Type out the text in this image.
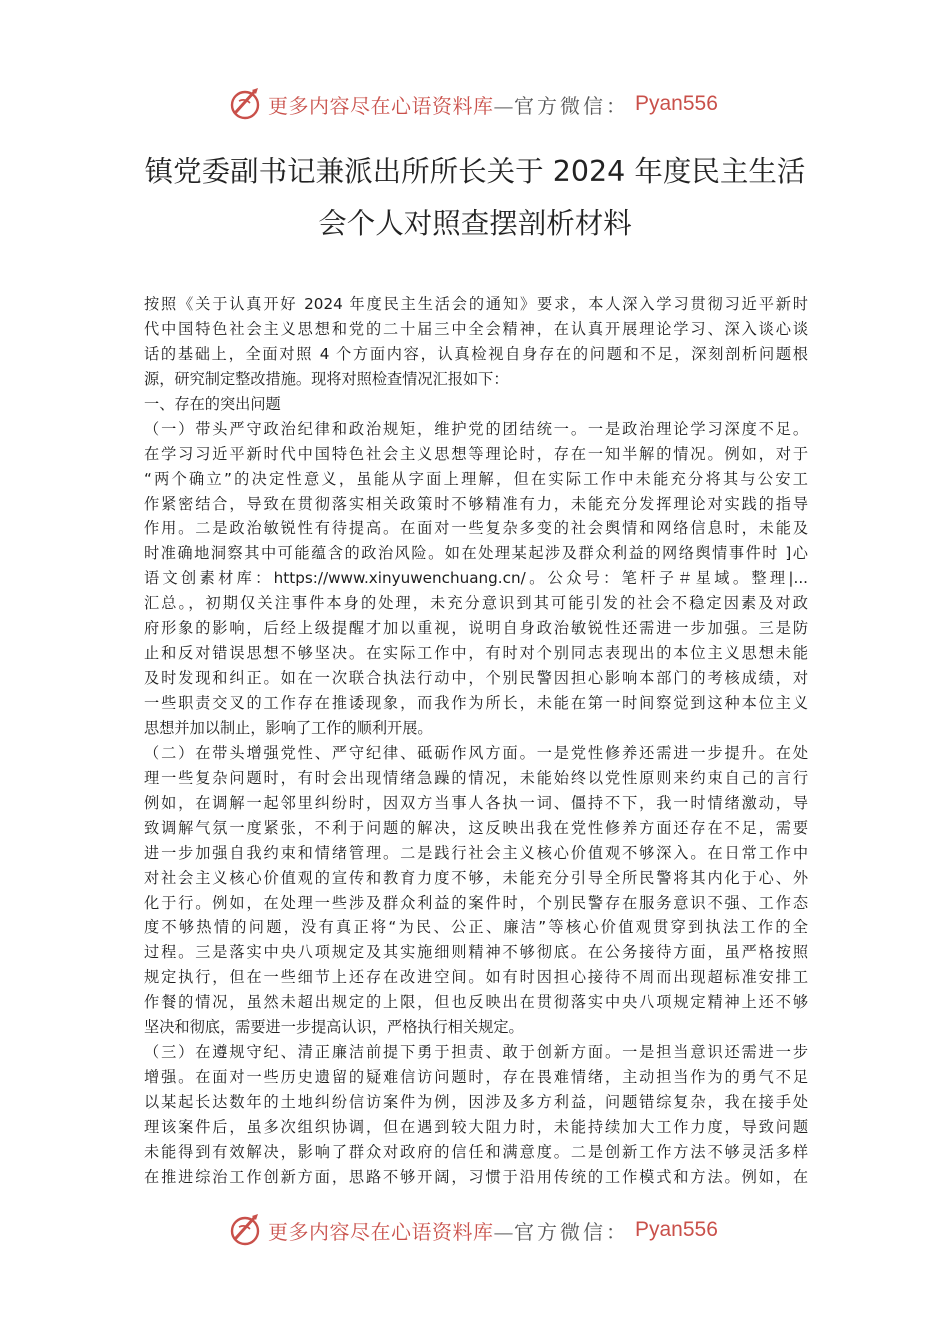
更多内容尽在心语资料库—官方微信： Pyan556
镇党委副书记兼派出所所长关于 2024 年度民主生活
会个人对照查摆剖析材料
按照《关于认真开好 2024 年度民主生活会的通知》要求，本人深入学习贯彻习近平新时
代中国特色社会主义思想和党的二十届三中全会精神，在认真开展理论学习、深入谈心谈
话的基础上，全面对照 4 个方面内容，认真检视自身存在的问题和不足，深刻剖析问题根
源，研究制定整改措施。现将对照检查情况汇报如下：
一、存在的突出问题
（一）带头严守政治纪律和政治规矩，维护党的团结统一。一是政治理论学习深度不足。
在学习习近平新时代中国特色社会主义思想等理论时，存在一知半解的情况。例如，对于
“两个确立”的决定性意义，虽能从字面上理解，但在实际工作中未能充分将其与公安工
作紧密结合，导致在贯彻落实相关政策时不够精准有力，未能充分发挥理论对实践的指导
作用。二是政治敏锐性有待提高。在面对一些复杂多变的社会舆情和网络信息时，未能及
时准确地洞察其中可能蕴含的政治风险。如在处理某起涉及群众利益的网络舆情事件时 ]心
语文创素材库：https://www.xinyuwenchuang.cn/。公众号：笔杆子＃星域。整理|...
汇总。，初期仅关注事件本身的处理，未充分意识到其可能引发的社会不稳定因素及对政
府形象的影响，后经上级提醒才加以重视，说明自身政治敏锐性还需进一步加强。三是防
止和反对错误思想不够坚决。在实际工作中，有时对个别同志表现出的本位主义思想未能
及时发现和纠正。如在一次联合执法行动中，个别民警因担心影响本部门的考核成绩，对
一些职责交叉的工作存在推诿现象，而我作为所长，未能在第一时间察觉到这种本位主义
思想并加以制止，影响了工作的顺利开展。
（二）在带头增强党性、严守纪律、砥砺作风方面。一是党性修养还需进一步提升。在处
理一些复杂问题时，有时会出现情绪急躁的情况，未能始终以党性原则来约束自己的言行
例如，在调解一起邻里纠纷时，因双方当事人各执一词、僵持不下，我一时情绪激动，导
致调解气氛一度紧张，不利于问题的解决，这反映出我在党性修养方面还存在不足，需要
进一步加强自我约束和情绪管理。二是践行社会主义核心价值观不够深入。在日常工作中
对社会主义核心价值观的宣传和教育力度不够，未能充分引导全所民警将其内化于心、外
化于行。例如，在处理一些涉及群众利益的案件时，个别民警存在服务意识不强、工作态
度不够热情的问题，没有真正将“为民、公正、廉洁”等核心价值观贯穿到执法工作的全
过程。三是落实中央八项规定及其实施细则精神不够彻底。在公务接待方面，虽严格按照
规定执行，但在一些细节上还存在改进空间。如有时因担心接待不周而出现超标准安排工
作餐的情况，虽然未超出规定的上限，但也反映出在贯彻落实中央八项规定精神上还不够
坚决和彻底，需要进一步提高认识，严格执行相关规定。
（三）在遵规守纪、清正廉洁前提下勇于担责、敢于创新方面。一是担当意识还需进一步
增强。在面对一些历史遗留的疑难信访问题时，存在畏难情绪，主动担当作为的勇气不足
以某起长达数年的土地纠纷信访案件为例，因涉及多方利益，问题错综复杂，我在接手处
理该案件后，虽多次组织协调，但在遇到较大阻力时，未能持续加大工作力度，导致问题
未能得到有效解决，影响了群众对政府的信任和满意度。二是创新工作方法不够灵活多样
在推进综治工作创新方面，思路不够开阔，习惯于沿用传统的工作模式和方法。例如，在
更多内容尽在心语资料库—官方微信： Pyan556
